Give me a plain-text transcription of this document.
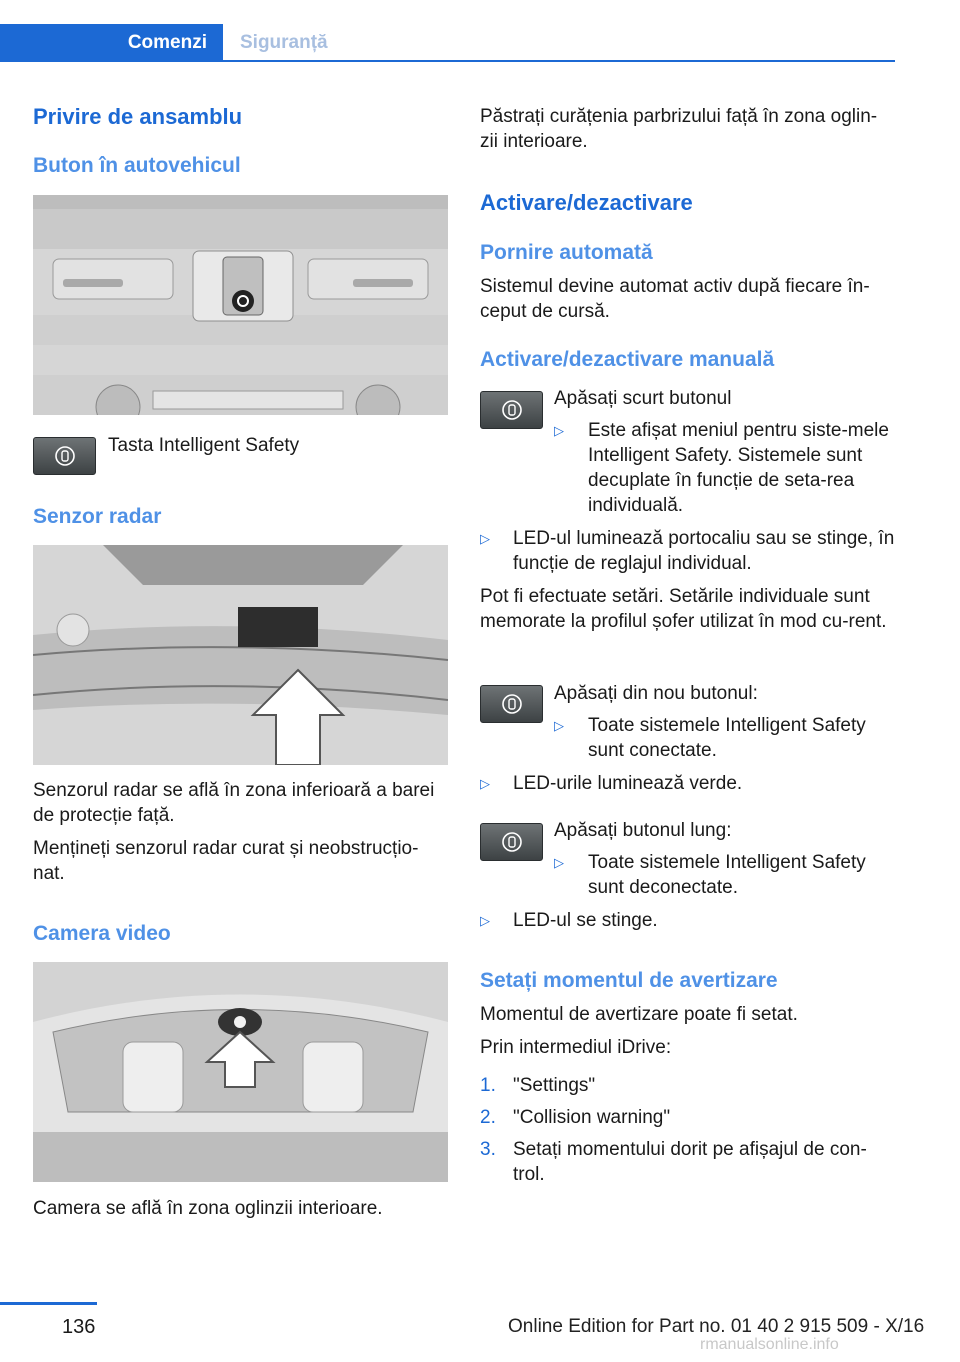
Comenzi	Siguranță
Privire de ansamblu
Buton în autovehicul

Tasta Intelligent Safety

Senzor radar

Senzorul radar se află în zona inferioară a barei de protecție față.

Mențineți senzorul radar curat și neobstrucțio-nat.

Camera video

Camera se află în zona oglinzii interioare.

Păstrați curățenia parbrizului față în zona oglin-zii interioare.

Activare/dezactivare
Pornire automată

Sistemul devine automat activ după fiecare în-ceput de cursă.

Activare/dezactivare manuală

Apăsați scurt butonul

▷ Este afișat meniul pentru siste-mele Intelligent Safety. Sistemele sunt decuplate în funcție de seta-rea individuală.
▷ LED-ul luminează portocaliu sau se stinge, în funcție de reglajul individual.

Pot fi efectuate setări. Setările individuale sunt memorate la profilul șofer utilizat în mod cu-rent.

Apăsați din nou butonul:

▷ Toate sistemele Intelligent Safety sunt conectate.
▷ LED-urile luminează verde.

Apăsați butonul lung:

▷ Toate sistemele Intelligent Safety sunt deconectate.
▷ LED-ul se stinge.
Setați momentul de avertizare

Momentul de avertizare poate fi setat.

Prin intermediul iDrive:

1. "Settings"
2. "Collision warning"
3. Setați momentului dorit pe afișajul de con-trol.
136	Online Edition for Part no. 01 40 2 915 509 - X/16
rmanualsonline.info
